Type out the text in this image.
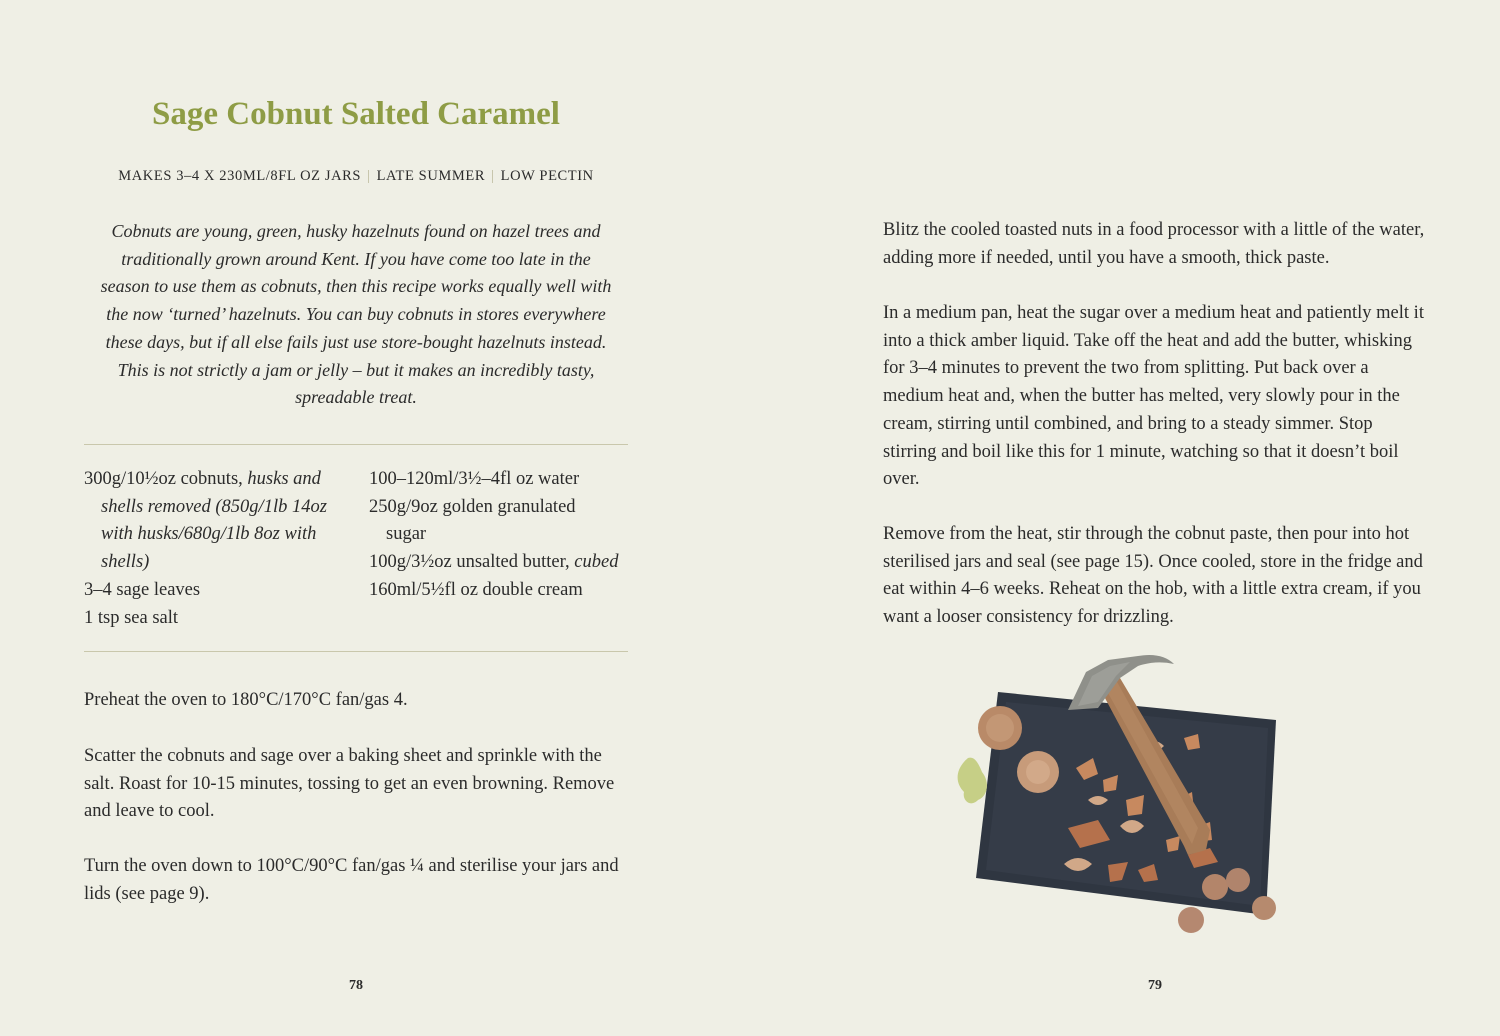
Sage Cobnut Salted Caramel
MAKES 3–4 X 230ML/8FL OZ JARS | LATE SUMMER | LOW PECTIN

Cobnuts are young, green, husky hazelnuts found on hazel trees and traditionally grown around Kent. If you have come too late in the season to use them as cobnuts, then this recipe works equally well with the now ‘turned’ hazelnuts. You can buy cobnuts in stores everywhere these days, but if all else fails just use store-bought hazelnuts instead. This is not strictly a jam or jelly – but it makes an incredibly tasty, spreadable treat.

300g/10½oz cobnuts, husks and shells removed (850g/1lb 14oz with husks/680g/1lb 8oz with shells)
3–4 sage leaves
1 tsp sea salt
100–120ml/3½–4fl oz water
250g/9oz golden granulated sugar
100g/3½oz unsalted butter, cubed
160ml/5½fl oz double cream

Preheat the oven to 180°C/170°C fan/gas 4.

Scatter the cobnuts and sage over a baking sheet and sprinkle with the salt. Roast for 10-15 minutes, tossing to get an even browning. Remove and leave to cool.

Turn the oven down to 100°C/90°C fan/gas ¼ and sterilise your jars and lids (see page 9).

78

Blitz the cooled toasted nuts in a food processor with a little of the water, adding more if needed, until you have a smooth, thick paste.

In a medium pan, heat the sugar over a medium heat and patiently melt it into a thick amber liquid. Take off the heat and add the butter, whisking for 3–4 minutes to prevent the two from splitting. Put back over a medium heat and, when the butter has melted, very slowly pour in the cream, stirring until combined, and bring to a steady simmer. Stop stirring and boil like this for 1 minute, watching so that it doesn’t boil over.

Remove from the heat, stir through the cobnut paste, then pour into hot sterilised jars and seal (see page 15). Once cooled, store in the fridge and eat within 4–6 weeks. Reheat on the hob, with a little extra cream, if you want a looser consistency for drizzling.

79
